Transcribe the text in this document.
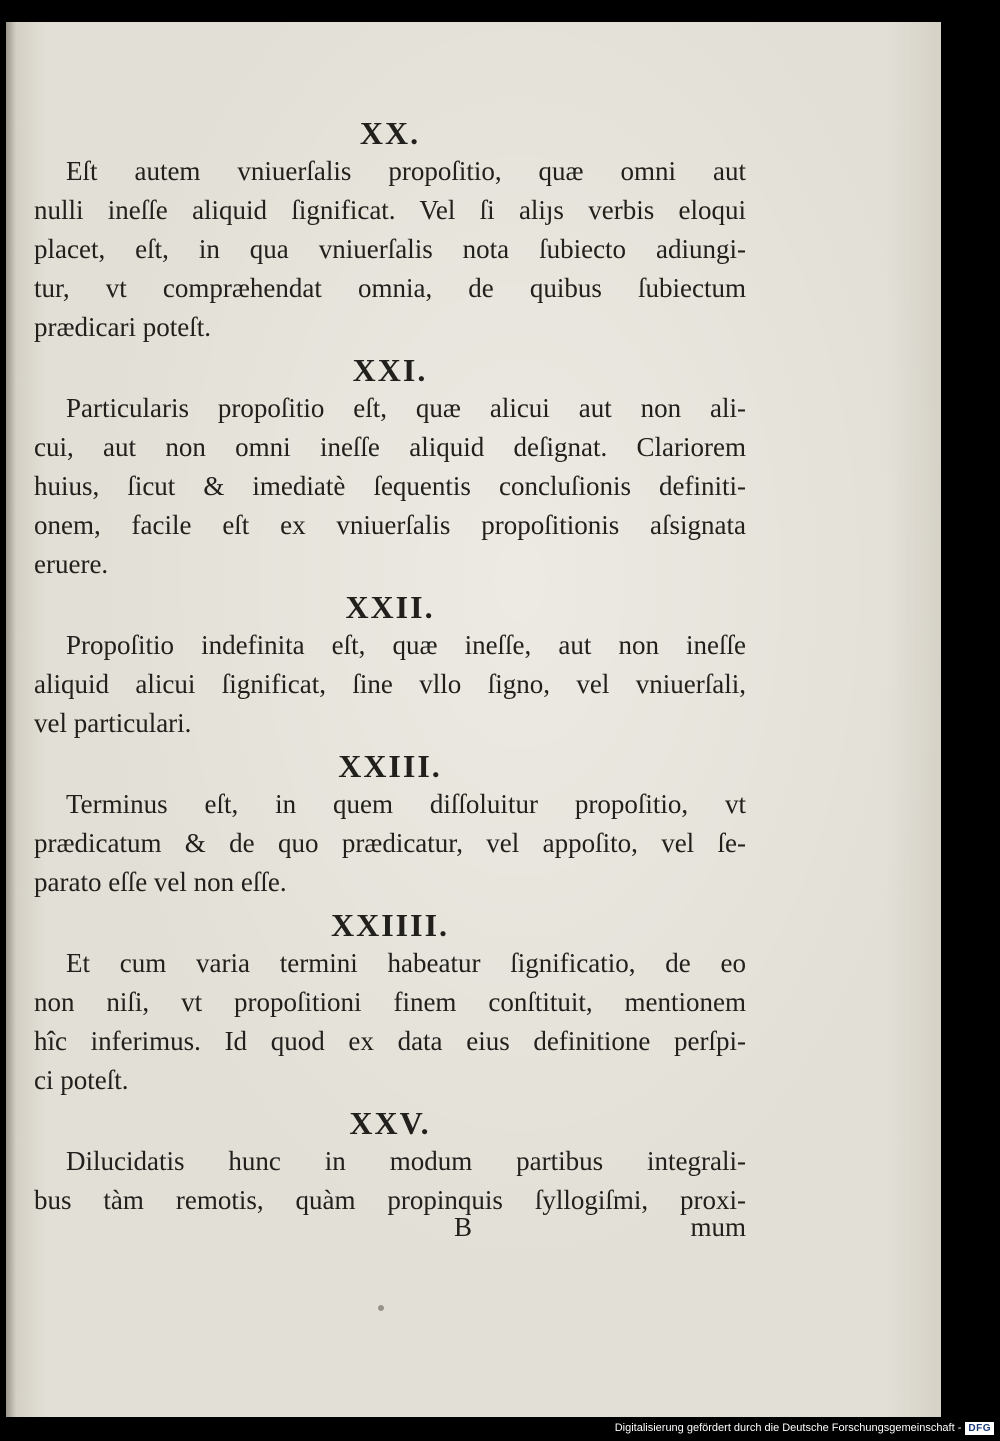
XX.
Eſt autem vniuerſalis propoſitio, quæ omni aut
nulli ineſſe aliquid ſignificat. Vel ſi aliȷs verbis eloqui
placet, eſt, in qua vniuerſalis nota ſubiecto adiungi-
tur, vt compræhendat omnia, de quibus ſubiectum
prædicari poteſt.
XXI.
Particularis propoſitio eſt, quæ alicui aut non ali-
cui, aut non omni ineſſe aliquid deſignat. Clariorem
huius, ſicut & imediatè ſequentis concluſionis definiti-
onem, facile eſt ex vniuerſalis propoſitionis aſsignata
eruere.
XXII.
Propoſitio indefinita eſt, quæ ineſſe, aut non ineſſe
aliquid alicui ſignificat, ſine vllo ſigno, vel vniuerſali,
vel particulari.
XXIII.
Terminus eſt, in quem diſſoluitur propoſitio, vt
prædicatum & de quo prædicatur, vel appoſito, vel ſe-
parato eſſe vel non eſſe.
XXIIII.
Et cum varia termini habeatur ſignificatio, de eo
non niſi, vt propoſitioni finem conſtituit, mentionem
hîc inferimus. Id quod ex data eius definitione perſpi-
ci poteſt.
XXV.
Dilucidatis hunc in modum partibus integrali-
bus tàm remotis, quàm propinquis ſyllogiſmi, proxi-
B	mum
Digitalisierung gefördert durch die Deutsche Forschungsgemeinschaft - DFG
